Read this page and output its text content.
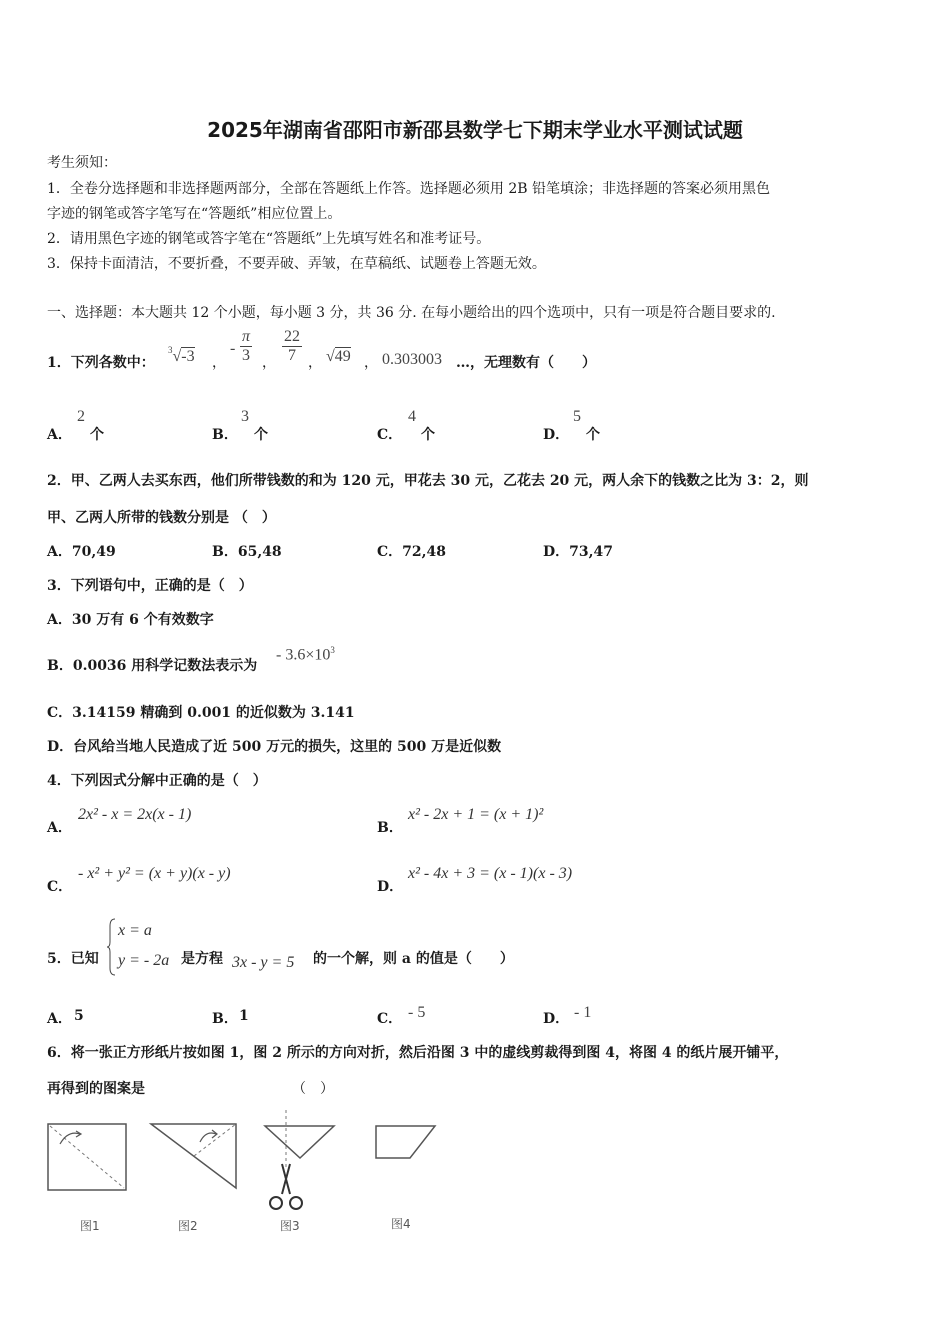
2025年湖南省邵阳市新邵县数学七下期末学业水平测试试题
考生须知：
1．全卷分选择题和非选择题两部分，全部在答题纸上作答。选择题必须用 2B 铅笔填涂；非选择题的答案必须用黑色
字迹的钢笔或答字笔写在“答题纸”相应位置上。
2．请用黑色字迹的钢笔或答字笔在“答题纸”上先填写姓名和准考证号。
3．保持卡面清洁，不要折叠，不要弄破、弄皱，在草稿纸、试题卷上答题无效。
一、选择题：本大题共 12 个小题，每小题 3 分，共 36 分. 在每小题给出的四个选项中，只有一项是符合题目要求的.
1．下列各数中：
$^3$√-3 ，
- $\frac{\pi}{3}$ ， $\frac{22}{7}$ ， √49 ， 0.303003 …，无理数有（　　）
A．
2
个	B．
3
个	C．
4
个	D．
5
个
2．甲、乙两人去买东西，他们所带钱数的和为 120 元，甲花去 30 元，乙花去 20 元，两人余下的钱数之比为 3：2，则
甲、乙两人所带的钱数分别是 （　）
A．70,49	B．65,48	C．72,48	D．73,47
3．下列语句中，正确的是（　）
A．30 万有 6 个有效数字
B．0.0036 用科学记数法表示为
- $3.6\times 10^3$
C．3.14159 精确到 0.001 的近似数为 3.141
D．台风给当地人民造成了近 500 万元的损失，这里的 500 万是近似数
4．下列因式分解中正确的是（　）
A．
2x² - x = 2x(x - 1)
B．
x² - 2x + 1 = (x + 1)²
C．
- x² + y² = (x + y)(x - y)
D．
x² - 4x + 3 = (x - 1)(x - 3)
5．已知
x = a
y = - 2a 是方程 3x - y = 5 的一个解，则 a 的值是（　　）
A． 5	B． 1	C． - 5	D． - 1
6．将一张正方形纸片按如图 1，图 2 所示的方向对折，然后沿图 3 中的虚线剪裁得到图 4，将图 4 的纸片展开铺平，
再得到的图案是	（　）
图1	图2	图3	图4
